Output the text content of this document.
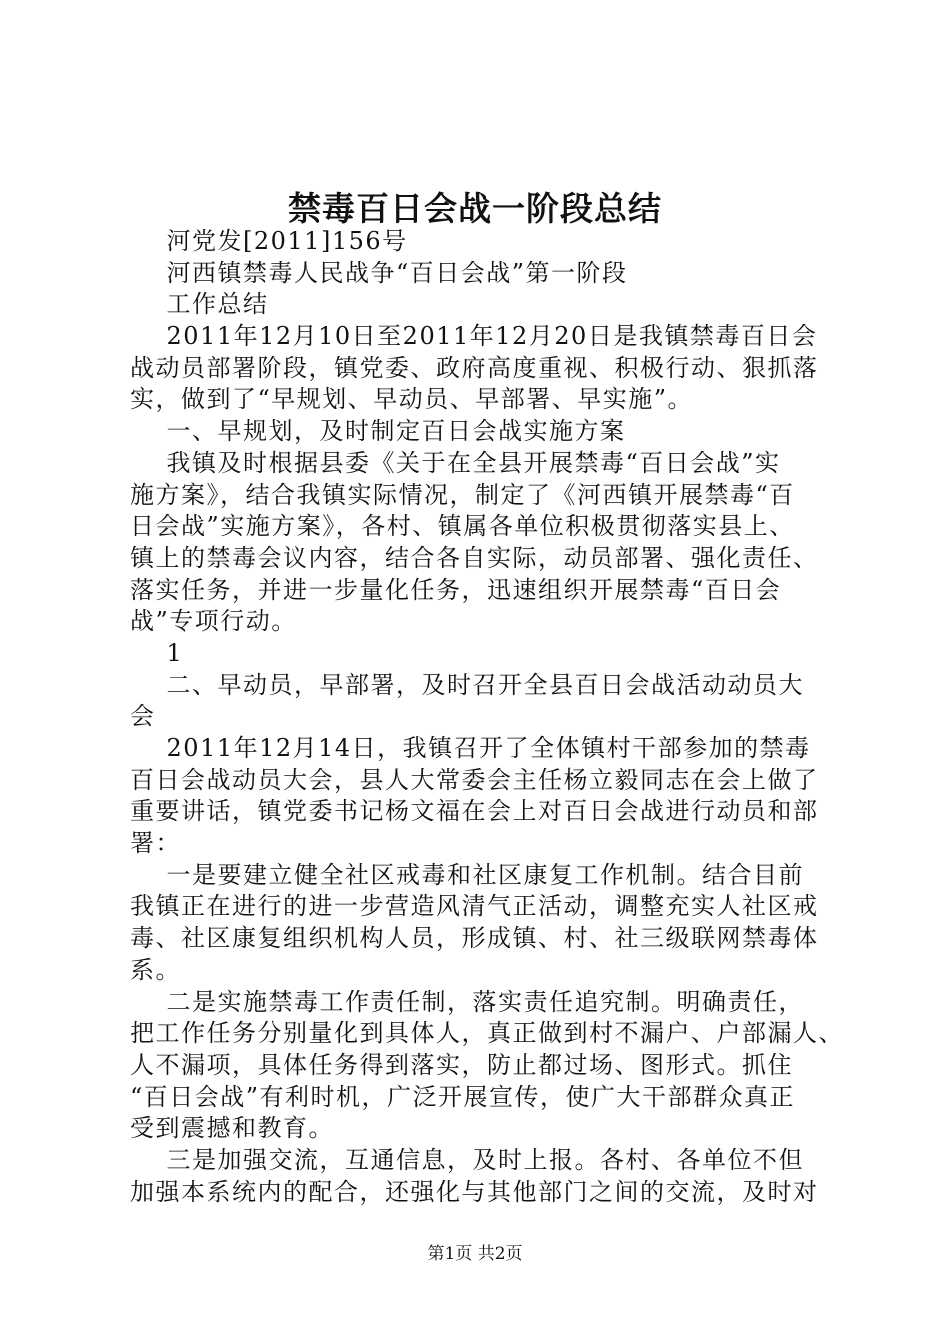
禁毒百日会战一阶段总结
河党发[2011]156号
河西镇禁毒人民战争“百日会战”第一阶段
工作总结
2011年12月10日至2011年12月20日是我镇禁毒百日会
战动员部署阶段，镇党委、政府高度重视、积极行动、狠抓落
实，做到了“早规划、早动员、早部署、早实施”。
一、早规划，及时制定百日会战实施方案
我镇及时根据县委《关于在全县开展禁毒“百日会战”实
施方案》，结合我镇实际情况，制定了《河西镇开展禁毒“百
日会战”实施方案》，各村、镇属各单位积极贯彻落实县上、
镇上的禁毒会议内容，结合各自实际，动员部署、强化责任、
落实任务，并进一步量化任务，迅速组织开展禁毒“百日会
战”专项行动。
1
二、早动员，早部署，及时召开全县百日会战活动动员大
会
2011年12月14日，我镇召开了全体镇村干部参加的禁毒
百日会战动员大会，县人大常委会主任杨立毅同志在会上做了
重要讲话，镇党委书记杨文福在会上对百日会战进行动员和部
署：
一是要建立健全社区戒毒和社区康复工作机制。结合目前
我镇正在进行的进一步营造风清气正活动，调整充实人社区戒
毒、社区康复组织机构人员，形成镇、村、社三级联网禁毒体
系。
二是实施禁毒工作责任制，落实责任追究制。明确责任，
把工作任务分别量化到具体人，真正做到村不漏户、户部漏人、
人不漏项，具体任务得到落实，防止都过场、图形式。抓住
“百日会战”有利时机，广泛开展宣传，使广大干部群众真正
受到震撼和教育。
三是加强交流，互通信息，及时上报。各村、各单位不但
加强本系统内的配合，还强化与其他部门之间的交流，及时对
第1页 共2页
